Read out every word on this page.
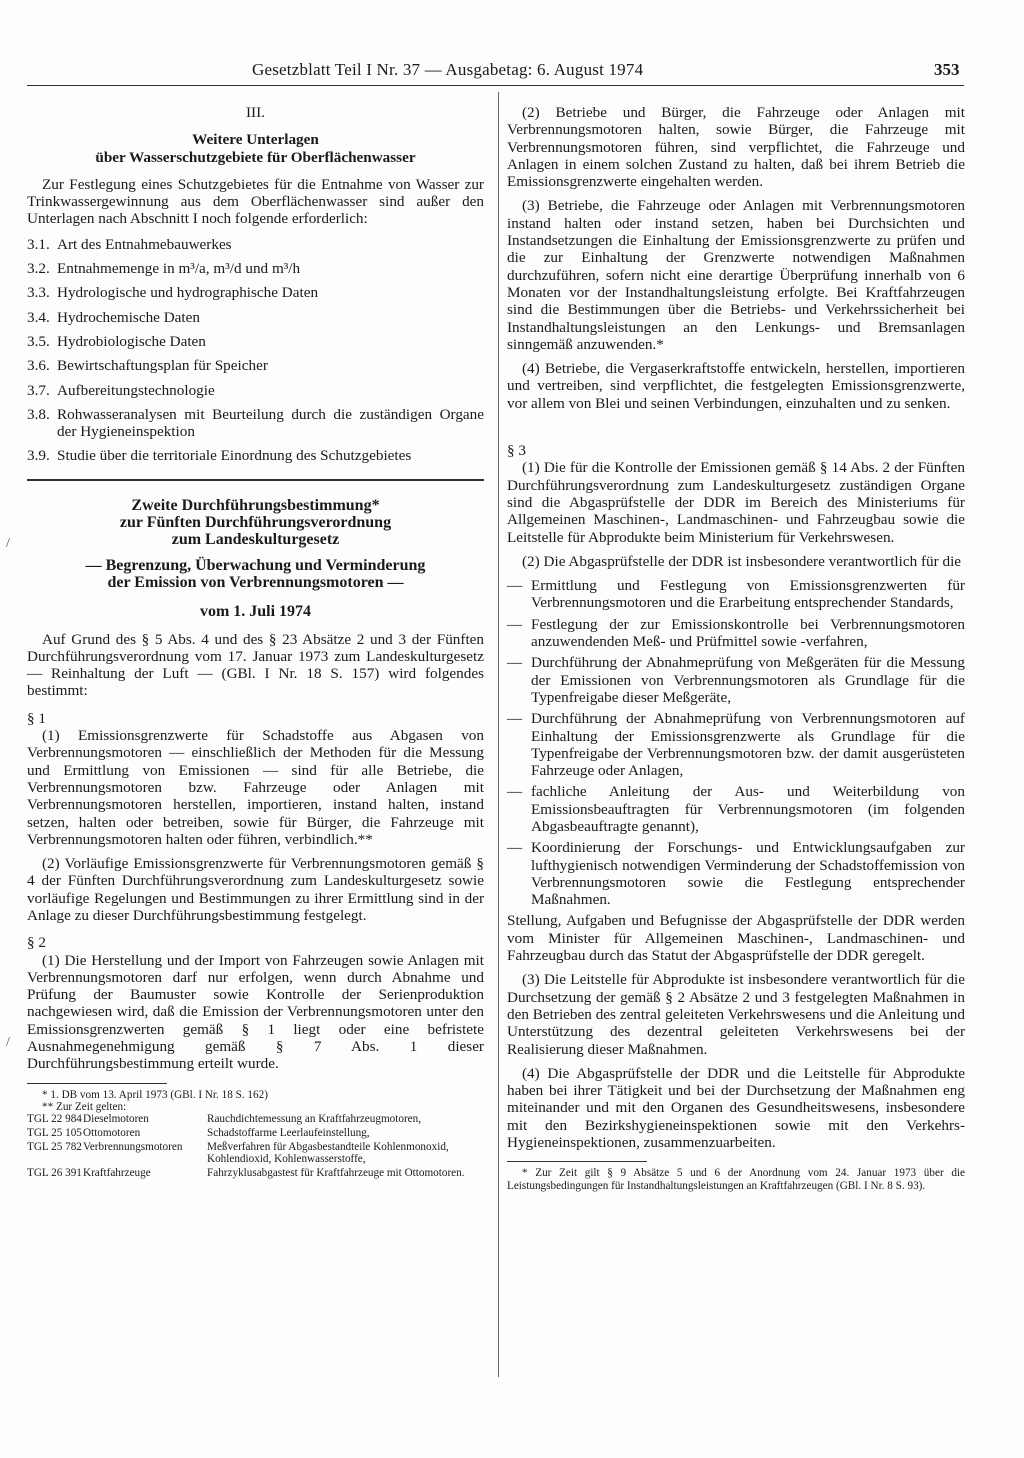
Gesetzblatt Teil I Nr. 37 — Ausgabetag: 6. August 1974	353
/
/

III.

Weitere Unterlagen

über Wasserschutzgebiete für Oberflächenwasser

Zur Festlegung eines Schutzgebietes für die Entnahme von Wasser zur Trinkwassergewinnung aus dem Oberflächenwasser sind außer den Unterlagen nach Abschnitt I noch folgende erforderlich:

3.1. Art des Entnahmebauwerkes
3.2. Entnahmemenge in m³/a, m³/d und m³/h
3.3. Hydrologische und hydrographische Daten
3.4. Hydrochemische Daten
3.5. Hydrobiologische Daten
3.6. Bewirtschaftungsplan für Speicher
3.7. Aufbereitungstechnologie
3.8. Rohwasseranalysen mit Beurteilung durch die zuständigen Organe der Hygieneinspektion
3.9. Studie über die territoriale Einordnung des Schutzgebietes

Zweite Durchführungsbestimmung*

zur Fünften Durchführungsverordnung

zum Landeskulturgesetz

— Begrenzung, Überwachung und Verminderung

der Emission von Verbrennungsmotoren —

vom 1. Juli 1974

Auf Grund des § 5 Abs. 4 und des § 23 Absätze 2 und 3 der Fünften Durchführungsverordnung vom 17. Januar 1973 zum Landeskulturgesetz — Reinhaltung der Luft — (GBl. I Nr. 18 S. 157) wird folgendes bestimmt:

§ 1

(1) Emissionsgrenzwerte für Schadstoffe aus Abgasen von Verbrennungsmotoren — einschließlich der Methoden für die Messung und Ermittlung von Emissionen — sind für alle Betriebe, die Verbrennungsmotoren bzw. Fahrzeuge oder Anlagen mit Verbrennungsmotoren herstellen, importieren, instand halten, instand setzen, halten oder betreiben, sowie für Bürger, die Fahrzeuge mit Verbrennungsmotoren halten oder führen, verbindlich.**

(2) Vorläufige Emissionsgrenzwerte für Verbrennungsmotoren gemäß § 4 der Fünften Durchführungsverordnung zum Landeskulturgesetz sowie vorläufige Regelungen und Bestimmungen zu ihrer Ermittlung sind in der Anlage zu dieser Durchführungsbestimmung festgelegt.

§ 2

(1) Die Herstellung und der Import von Fahrzeugen sowie Anlagen mit Verbrennungsmotoren darf nur erfolgen, wenn durch Abnahme und Prüfung der Baumuster sowie Kontrolle der Serienproduktion nachgewiesen wird, daß die Emission der Verbrennungsmotoren unter den Emissionsgrenzwerten gemäß § 1 liegt oder eine befristete Ausnahmegenehmigung gemäß § 7 Abs. 1 dieser Durchführungsbestimmung erteilt wurde.

* 1. DB vom 13. April 1973 (GBl. I Nr. 18 S. 162)

** Zur Zeit gelten:

TGL 22 984	Dieselmotoren	Rauchdichtemessung an Kraftfahrzeugmotoren,
TGL 25 105	Ottomotoren	Schadstoffarme Leerlaufeinstellung,
TGL 25 782	Verbrennungsmotoren	Meßverfahren für Abgasbestandteile Kohlenmonoxid, Kohlendioxid, Kohlenwasserstoffe,
TGL 26 391	Kraftfahrzeuge	Fahrzyklusabgastest für Kraftfahrzeuge mit Ottomotoren.

(2) Betriebe und Bürger, die Fahrzeuge oder Anlagen mit Verbrennungsmotoren halten, sowie Bürger, die Fahrzeuge mit Verbrennungsmotoren führen, sind verpflichtet, die Fahrzeuge und Anlagen in einem solchen Zustand zu halten, daß bei ihrem Betrieb die Emissionsgrenzwerte eingehalten werden.

(3) Betriebe, die Fahrzeuge oder Anlagen mit Verbrennungsmotoren instand halten oder instand setzen, haben bei Durchsichten und Instandsetzungen die Einhaltung der Emissionsgrenzwerte zu prüfen und die zur Einhaltung der Grenzwerte notwendigen Maßnahmen durchzuführen, sofern nicht eine derartige Überprüfung innerhalb von 6 Monaten vor der Instandhaltungsleistung erfolgte. Bei Kraftfahrzeugen sind die Bestimmungen über die Betriebs- und Verkehrssicherheit bei Instandhaltungsleistungen an den Lenkungs- und Bremsanlagen sinngemäß anzuwenden.*

(4) Betriebe, die Vergaserkraftstoffe entwickeln, herstellen, importieren und vertreiben, sind verpflichtet, die festgelegten Emissionsgrenzwerte, vor allem von Blei und seinen Verbindungen, einzuhalten und zu senken.

§ 3

(1) Die für die Kontrolle der Emissionen gemäß § 14 Abs. 2 der Fünften Durchführungsverordnung zum Landeskulturgesetz zuständigen Organe sind die Abgasprüfstelle der DDR im Bereich des Ministeriums für Allgemeinen Maschinen-, Landmaschinen- und Fahrzeugbau sowie die Leitstelle für Abprodukte beim Ministerium für Verkehrswesen.

(2) Die Abgasprüfstelle der DDR ist insbesondere verantwortlich für die

— Ermittlung und Festlegung von Emissionsgrenzwerten für Verbrennungsmotoren und die Erarbeitung entsprechender Standards,
— Festlegung der zur Emissionskontrolle bei Verbrennungsmotoren anzuwendenden Meß- und Prüfmittel sowie -verfahren,
— Durchführung der Abnahmeprüfung von Meßgeräten für die Messung der Emissionen von Verbrennungsmotoren als Grundlage für die Typenfreigabe dieser Meßgeräte,
— Durchführung der Abnahmeprüfung von Verbrennungsmotoren auf Einhaltung der Emissionsgrenzwerte als Grundlage für die Typenfreigabe der Verbrennungsmotoren bzw. der damit ausgerüsteten Fahrzeuge oder Anlagen,
— fachliche Anleitung der Aus- und Weiterbildung von Emissionsbeauftragten für Verbrennungsmotoren (im folgenden Abgasbeauftragte genannt),
— Koordinierung der Forschungs- und Entwicklungsaufgaben zur lufthygienisch notwendigen Verminderung der Schadstoffemission von Verbrennungsmotoren sowie die Festlegung entsprechender Maßnahmen.

Stellung, Aufgaben und Befugnisse der Abgasprüfstelle der DDR werden vom Minister für Allgemeinen Maschinen-, Landmaschinen- und Fahrzeugbau durch das Statut der Abgasprüfstelle der DDR geregelt.

(3) Die Leitstelle für Abprodukte ist insbesondere verantwortlich für die Durchsetzung der gemäß § 2 Absätze 2 und 3 festgelegten Maßnahmen in den Betrieben des zentral geleiteten Verkehrswesens und die Anleitung und Unterstützung des dezentral geleiteten Verkehrswesens bei der Realisierung dieser Maßnahmen.

(4) Die Abgasprüfstelle der DDR und die Leitstelle für Abprodukte haben bei ihrer Tätigkeit und bei der Durchsetzung der Maßnahmen eng miteinander und mit den Organen des Gesundheitswesens, insbesondere mit den Bezirkshygieneinspektionen sowie mit den Verkehrs-Hygieneinspektionen, zusammenzuarbeiten.

* Zur Zeit gilt § 9 Absätze 5 und 6 der Anordnung vom 24. Januar 1973 über die Leistungsbedingungen für Instandhaltungsleistungen an Kraftfahrzeugen (GBl. I Nr. 8 S. 93).
